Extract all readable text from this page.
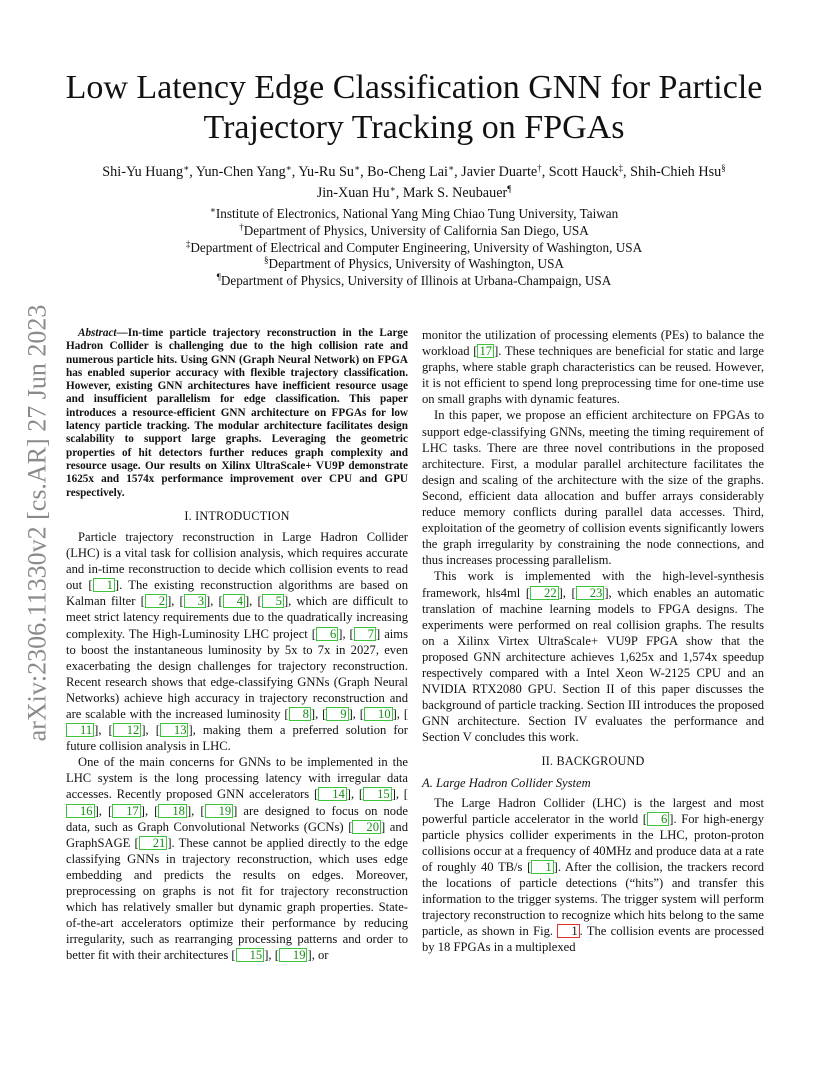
arXiv:2306.11330v2 [cs.AR] 27 Jun 2023
Low Latency Edge Classification GNN for Particle Trajectory Tracking on FPGAs
Shi-Yu Huang∗, Yun-Chen Yang∗, Yu-Ru Su∗, Bo-Cheng Lai∗, Javier Duarte†, Scott Hauck‡, Shih-Chieh Hsu§
Jin-Xuan Hu∗, Mark S. Neubauer¶
∗Institute of Electronics, National Yang Ming Chiao Tung University, Taiwan
†Department of Physics, University of California San Diego, USA
‡Department of Electrical and Computer Engineering, University of Washington, USA
§Department of Physics, University of Washington, USA
¶Department of Physics, University of Illinois at Urbana-Champaign, USA
Abstract—In-time particle trajectory reconstruction in the Large Hadron Collider is challenging due to the high collision rate and numerous particle hits. Using GNN (Graph Neural Network) on FPGA has enabled superior accuracy with flexible trajectory classification. However, existing GNN architectures have inefficient resource usage and insufficient parallelism for edge classification. This paper introduces a resource-efficient GNN architecture on FPGAs for low latency particle tracking. The modular architecture facilitates design scalability to support large graphs. Leveraging the geometric properties of hit detectors further reduces graph complexity and resource usage. Our results on Xilinx UltraScale+ VU9P demonstrate 1625x and 1574x performance improvement over CPU and GPU respectively.
I. INTRODUCTION

Particle trajectory reconstruction in Large Hadron Collider (LHC) is a vital task for collision analysis, which requires accurate and in-time reconstruction to decide which collision events to read out [ 1 ]. The existing reconstruction algorithms are based on Kalman filter [ 2 ], [ 3 ], [ 4 ], [ 5 ], which are difficult to meet strict latency requirements due to the quadratically increasing complexity. The High-Luminosity LHC project [ 6 ], [ 7 ] aims to boost the instantaneous luminosity by 5x to 7x in 2027, even exacerbating the design challenges for trajectory reconstruction. Recent research shows that edge-classifying GNNs (Graph Neural Networks) achieve high accuracy in trajectory reconstruction and are scalable with the increased luminosity [ 8 ], [ 9 ], [ 10 ], [11 ], [ 12 ], [ 13 ], making them a preferred solution for future collision analysis in LHC.

One of the main concerns for GNNs to be implemented in the LHC system is the long processing latency with irregular data accesses. Recently proposed GNN accelerators [ 14 ], [ 15 ], [16 ], [ 17 ], [ 18 ], [ 19 ] are designed to focus on node data, such as Graph Convolutional Networks (GCNs) [ 20 ] and GraphSAGE [ 21 ]. These cannot be applied directly to the edge classifying GNNs in trajectory reconstruction, which uses edge embedding and predicts the results on edges. Moreover, preprocessing on graphs is not fit for trajectory reconstruction which has relatively smaller but dynamic graph properties. State-of-the-art accelerators optimize their performance by reducing irregularity, such as rearranging processing patterns and order to better fit with their architectures [ 15 ], [ 19 ], or

monitor the utilization of processing elements (PEs) to balance the workload [ 17 ]. These techniques are beneficial for static and large graphs, where stable graph characteristics can be reused. However, it is not efficient to spend long preprocessing time for one-time use on small graphs with dynamic features.

In this paper, we propose an efficient architecture on FPGAs to support edge-classifying GNNs, meeting the timing requirement of LHC tasks. There are three novel contributions in the proposed architecture. First, a modular parallel architecture facilitates the design and scaling of the architecture with the size of the graphs. Second, efficient data allocation and buffer arrays considerably reduce memory conflicts during parallel data accesses. Third, exploitation of the geometry of collision events significantly lowers the graph irregularity by constraining the node connections, and thus increases processing parallelism.

This work is implemented with the high-level-synthesis framework, hls4ml [ 22 ], [ 23 ], which enables an automatic translation of machine learning models to FPGA designs. The experiments were performed on real collision graphs. The results on a Xilinx Virtex UltraScale+ VU9P FPGA show that the proposed GNN architecture achieves 1,625x and 1,574x speedup respectively compared with a Intel Xeon W-2125 CPU and an NVIDIA RTX2080 GPU. Section II of this paper discusses the background of particle tracking. Section III introduces the proposed GNN architecture. Section IV evaluates the performance and Section V concludes this work.

II. BACKGROUND
A. Large Hadron Collider System

The Large Hadron Collider (LHC) is the largest and most powerful particle accelerator in the world [ 6 ]. For high-energy particle physics collider experiments in the LHC, proton-proton collisions occur at a frequency of 40MHz and produce data at a rate of roughly 40 TB/s [ 1 ]. After the collision, the trackers record the locations of particle detections (“hits”) and transfer this information to the trigger systems. The trigger system will perform trajectory reconstruction to recognize which hits belong to the same particle, as shown in Fig. 1 . The collision events are processed by 18 FPGAs in a multiplexed
